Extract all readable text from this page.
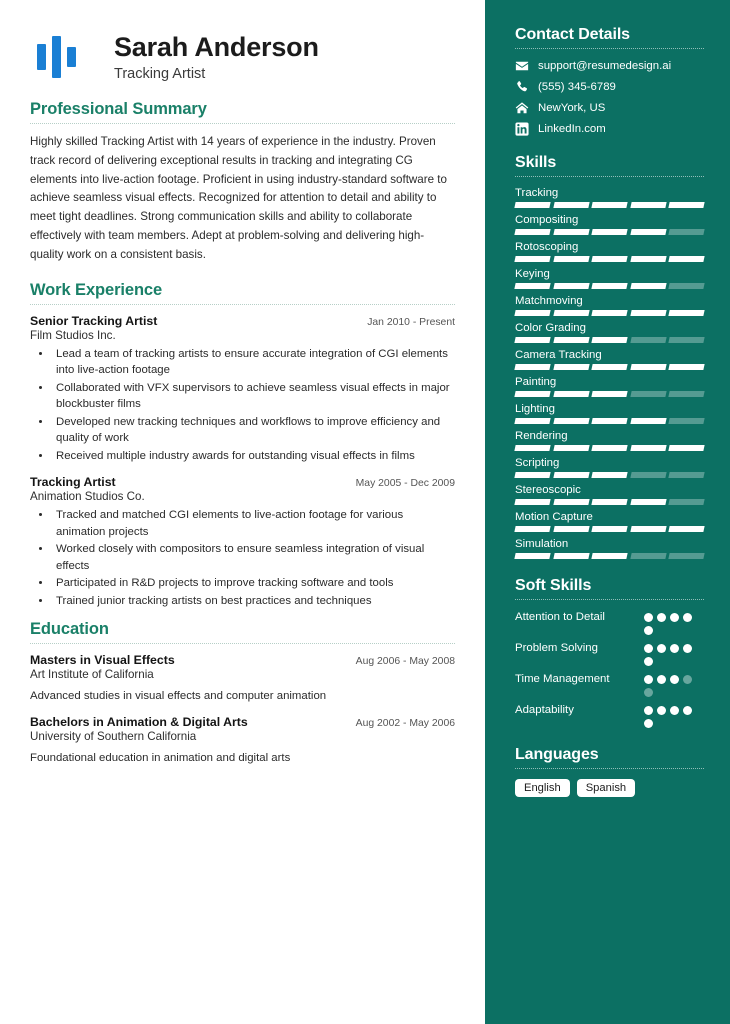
Sarah Anderson
Tracking Artist
Professional Summary
Highly skilled Tracking Artist with 14 years of experience in the industry. Proven track record of delivering exceptional results in tracking and integrating CG elements into live-action footage. Proficient in using industry-standard software to achieve seamless visual effects. Recognized for attention to detail and ability to meet tight deadlines. Strong communication skills and ability to collaborate effectively with team members. Adept at problem-solving and delivering high-quality work on a consistent basis.
Work Experience
Senior Tracking Artist	Jan 2010 - Present
Film Studios Inc.
• Lead a team of tracking artists to ensure accurate integration of CGI elements into live-action footage
• Collaborated with VFX supervisors to achieve seamless visual effects in major blockbuster films
• Developed new tracking techniques and workflows to improve efficiency and quality of work
• Received multiple industry awards for outstanding visual effects in films
Tracking Artist	May 2005 - Dec 2009
Animation Studios Co.
• Tracked and matched CGI elements to live-action footage for various animation projects
• Worked closely with compositors to ensure seamless integration of visual effects
• Participated in R&D projects to improve tracking software and tools
• Trained junior tracking artists on best practices and techniques
Education
Masters in Visual Effects	Aug 2006 - May 2008
Art Institute of California
Advanced studies in visual effects and computer animation
Bachelors in Animation & Digital Arts	Aug 2002 - May 2006
University of Southern California
Foundational education in animation and digital arts
Contact Details
support@resumedesign.ai
(555) 345-6789
NewYork, US
LinkedIn.com
Skills
Tracking
Compositing
Rotoscoping
Keying
Matchmoving
Color Grading
Camera Tracking
Painting
Lighting
Rendering
Scripting
Stereoscopic
Motion Capture
Simulation
Soft Skills
Attention to Detail
Problem Solving
Time Management
Adaptability
Languages
English	Spanish
